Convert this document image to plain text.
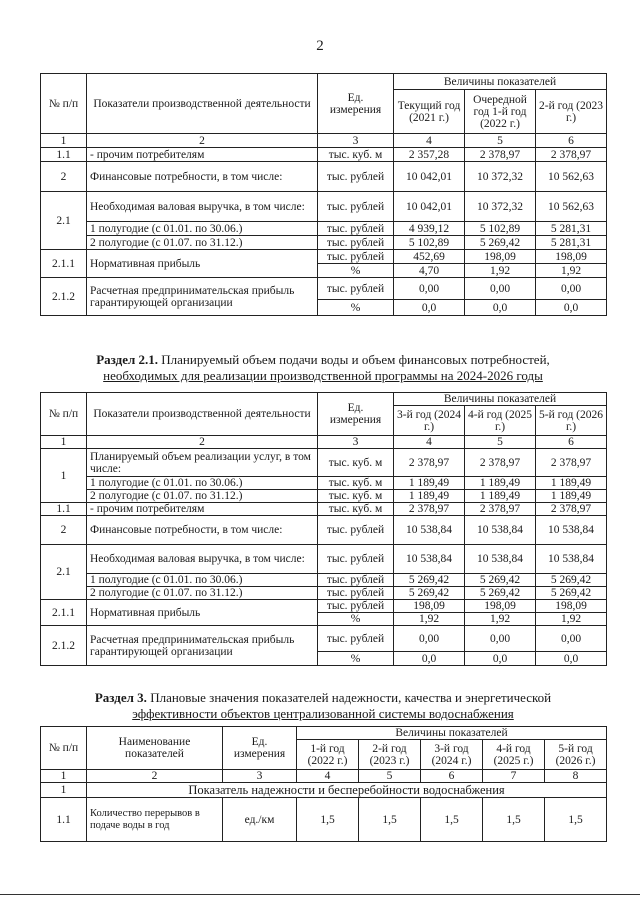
2
№ п/п	Показатели производственной деятельности	Ед. измерения	Величины показателей		
			Текущий год (2021 г.)	Очередной год 1-й год (2022 г.)	2-й год (2023 г.)
1	2	3	4	5	6
1.1	- прочим потребителям	тыс. куб. м	2 357,28	2 378,97	2 378,97
2	Финансовые потребности, в том числе:	тыс. рублей	10 042,01	10 372,32	10 562,63
2.1	Необходимая валовая выручка, в том числе:	тыс. рублей	10 042,01	10 372,32	10 562,63
	1 полугодие (с 01.01. по 30.06.)	тыс. рублей	4 939,12	5 102,89	5 281,31
	2 полугодие (с 01.07. по 31.12.)	тыс. рублей	5 102,89	5 269,42	5 281,31
2.1.1	Нормативная прибыль	тыс. рублей	452,69	198,09	198,09
		%	4,70	1,92	1,92
2.1.2	Расчетная предпринимательская прибыль гарантирующей организации	тыс. рублей	0,00	0,00	0,00
		%	0,0	0,0	0,0
Раздел 2.1. Планируемый объем подачи воды и объем финансовых потребностей,
необходимых для реализации производственной программы на 2024-2026 годы
№ п/п	Показатели производственной деятельности	Ед. измерения	Величины показателей		
			3-й год (2024 г.)	4-й год (2025 г.)	5-й год (2026 г.)
1	2	3	4	5	6
1	Планируемый объем реализации услуг, в том числе:	тыс. куб. м	2 378,97	2 378,97	2 378,97
	1 полугодие (с 01.01. по 30.06.)	тыс. куб. м	1 189,49	1 189,49	1 189,49
	2 полугодие (с 01.07. по 31.12.)	тыс. куб. м	1 189,49	1 189,49	1 189,49
1.1	- прочим потребителям	тыс. куб. м	2 378,97	2 378,97	2 378,97
2	Финансовые потребности, в том числе:	тыс. рублей	10 538,84	10 538,84	10 538,84
2.1	Необходимая валовая выручка, в том числе:	тыс. рублей	10 538,84	10 538,84	10 538,84
	1 полугодие (с 01.01. по 30.06.)	тыс. рублей	5 269,42	5 269,42	5 269,42
	2 полугодие (с 01.07. по 31.12.)	тыс. рублей	5 269,42	5 269,42	5 269,42
2.1.1	Нормативная прибыль	тыс. рублей	198,09	198,09	198,09
		%	1,92	1,92	1,92
2.1.2	Расчетная предпринимательская прибыль гарантирующей организации	тыс. рублей	0,00	0,00	0,00
		%	0,0	0,0	0,0
Раздел 3. Плановые значения показателей надежности, качества и энергетической
эффективности объектов централизованной системы водоснабжения
№ п/п	Наименование показателей	Ед. измерения	Величины показателей				
			1-й год (2022 г.)	2-й год (2023 г.)	3-й год (2024 г.)	4-й год (2025 г.)	5-й год (2026 г.)
1	2	3	4	5	6	7	8
1	Показатель надежности и бесперебойности водоснабжения						
1.1	Количество перерывов в подаче воды в год	ед./км	1,5	1,5	1,5	1,5	1,5
